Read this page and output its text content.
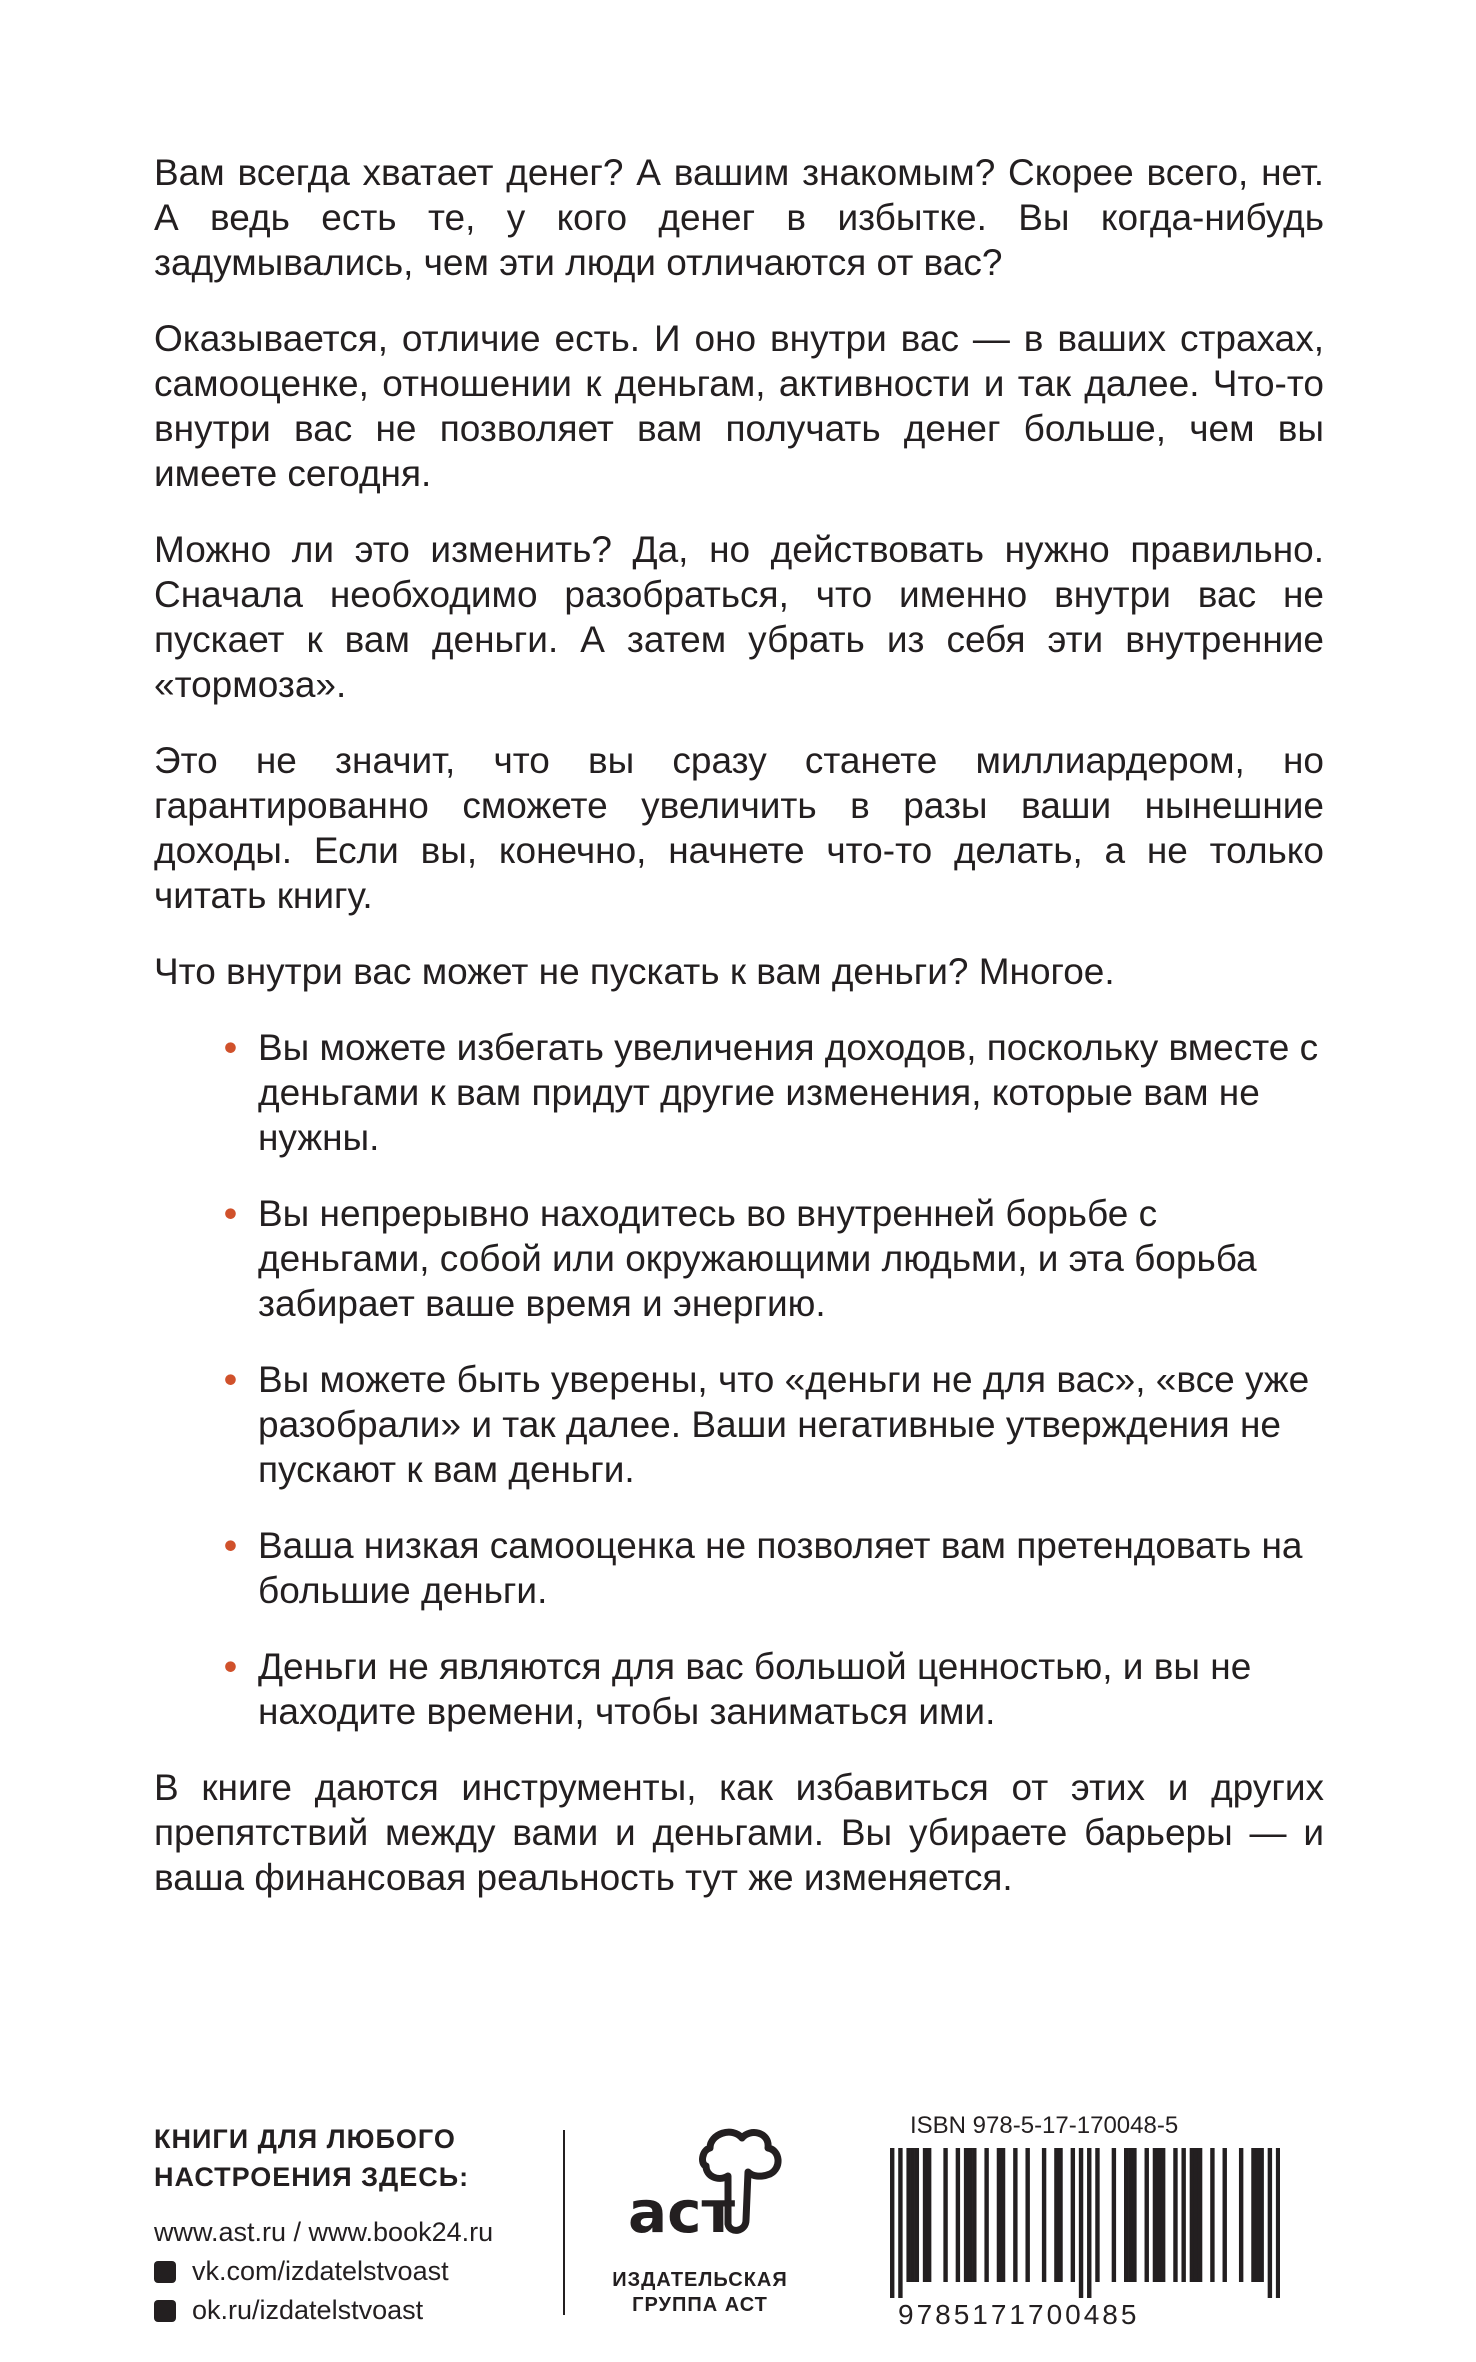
Вам всегда хватает денег? А вашим знакомым? Скорее всего, нет. А ведь есть те, у кого денег в избытке. Вы когда-нибудь задумывались, чем эти люди отличаются от вас?

Оказывается, отличие есть. И оно внутри вас — в ваших страхах, самооценке, отношении к деньгам, активности и так далее. Что-то внутри вас не позволяет вам получать денег больше, чем вы имеете сегодня.

Можно ли это изменить? Да, но действовать нужно правильно. Сначала необходимо разобраться, что именно внутри вас не пускает к вам деньги. А затем убрать из себя эти внутренние «тормоза».

Это не значит, что вы сразу станете миллиардером, но гарантированно сможете увеличить в разы ваши нынешние доходы. Если вы, конечно, начнете что-то делать, а не только читать книгу.

Что внутри вас может не пускать к вам деньги? Многое.

• Вы можете избегать увеличения доходов, поскольку вместе с деньгами к вам придут другие изменения, которые вам не нужны.
• Вы непрерывно находитесь во внутренней борьбе с деньгами, собой или окружающими людьми, и эта борьба забирает ваше время и энергию.
• Вы можете быть уверены, что «деньги не для вас», «все уже разобрали» и так далее. Ваши негативные утверждения не пускают к вам деньги.
• Ваша низкая самооценка не позволяет вам претендовать на большие деньги.
• Деньги не являются для вас большой ценностью, и вы не находите времени, чтобы заниматься ими.

В книге даются инструменты, как избавиться от этих и других препятствий между вами и деньгами. Вы убираете барьеры — и ваша финансовая реальность тут же изменяется.

КНИГИ ДЛЯ ЛЮБОГО
НАСТРОЕНИЯ ЗДЕСЬ:
www.ast.ru / www.book24.ru
vk.com/izdatelstvoast
ok.ru/izdatelstvoast
аст
ИЗДАТЕЛЬСКАЯ
ГРУППА АСТ
ISBN 978-5-17-170048-5
9785171700485
